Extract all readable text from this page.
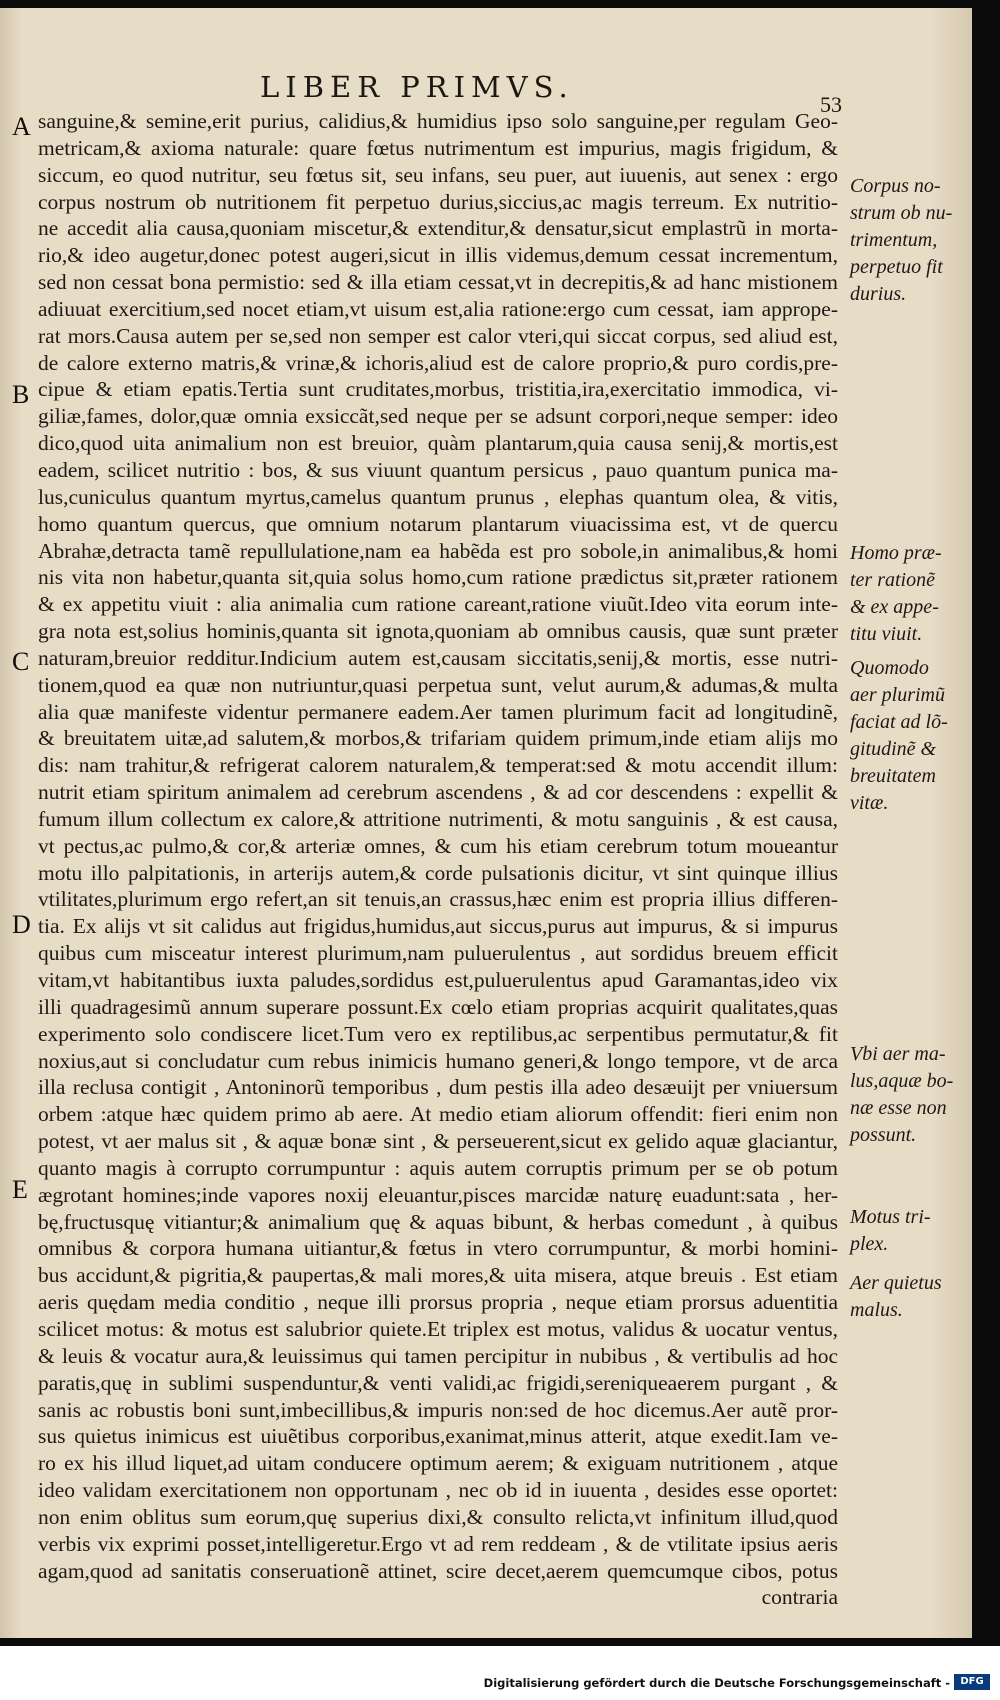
LIBER PRIMVS.
53
A
B
C
D
E
sanguine,& semine,erit purius, calidius,& humidius ipso solo sanguine,per regulam Geo-
metricam,& axioma naturale: quare fœtus nutrimentum est impurius, magis frigidum, &
siccum, eo quod nutritur, seu fœtus sit, seu infans, seu puer, aut iuuenis, aut senex : ergo
corpus nostrum ob nutritionem fit perpetuo durius,siccius,ac magis terreum. Ex nutritio-
ne accedit alia causa,quoniam miscetur,& extenditur,& densatur,sicut emplastrũ in morta-
rio,& ideo augetur,donec potest augeri,sicut in illis videmus,demum cessat incrementum,
sed non cessat bona permistio: sed & illa etiam cessat,vt in decrepitis,& ad hanc mistionem
adiuuat exercitium,sed nocet etiam,vt uisum est,alia ratione:ergo cum cessat, iam apprope-
rat mors.Causa autem per se,sed non semper est calor vteri,qui siccat corpus, sed aliud est,
de calore externo matris,& vrinæ,& ichoris,aliud est de calore proprio,& puro cordis,pre-
cipue & etiam epatis.Tertia sunt cruditates,morbus, tristitia,ira,exercitatio immodica, vi-
giliæ,fames, dolor,quæ omnia exsiccãt,sed neque per se adsunt corpori,neque semper: ideo
dico,quod uita animalium non est breuior, quàm plantarum,quia causa senij,& mortis,est
eadem, scilicet nutritio : bos, & sus viuunt quantum persicus , pauo quantum punica ma-
lus,cuniculus quantum myrtus,camelus quantum prunus , elephas quantum olea, & vitis,
homo quantum quercus, que omnium notarum plantarum viuacissima est, vt de quercu
Abrahæ,detracta tamẽ repullulatione,nam ea habẽda est pro sobole,in animalibus,& homi
nis vita non habetur,quanta sit,quia solus homo,cum ratione prædictus sit,præter rationem
& ex appetitu viuit : alia animalia cum ratione careant,ratione viuũt.Ideo vita eorum inte-
gra nota est,solius hominis,quanta sit ignota,quoniam ab omnibus causis, quæ sunt præter
naturam,breuior redditur.Indicium autem est,causam siccitatis,senij,& mortis, esse nutri-
tionem,quod ea quæ non nutriuntur,quasi perpetua sunt, velut aurum,& adumas,& multa
alia quæ manifeste videntur permanere eadem.Aer tamen plurimum facit ad longitudinẽ,
& breuitatem uitæ,ad salutem,& morbos,& trifariam quidem primum,inde etiam alijs mo
dis: nam trahitur,& refrigerat calorem naturalem,& temperat:sed & motu accendit illum:
nutrit etiam spiritum animalem ad cerebrum ascendens , & ad cor descendens : expellit &
fumum illum collectum ex calore,& attritione nutrimenti, & motu sanguinis , & est causa,
vt pectus,ac pulmo,& cor,& arteriæ omnes, & cum his etiam cerebrum totum moueantur
motu illo palpitationis, in arterijs autem,& corde pulsationis dicitur, vt sint quinque illius
vtilitates,plurimum ergo refert,an sit tenuis,an crassus,hæc enim est propria illius differen-
tia. Ex alijs vt sit calidus aut frigidus,humidus,aut siccus,purus aut impurus, & si impurus
quibus cum misceatur interest plurimum,nam puluerulentus , aut sordidus breuem efficit
vitam,vt habitantibus iuxta paludes,sordidus est,puluerulentus apud Garamantas,ideo vix
illi quadragesimũ annum superare possunt.Ex cœlo etiam proprias acquirit qualitates,quas
experimento solo condiscere licet.Tum vero ex reptilibus,ac serpentibus permutatur,& fit
noxius,aut si concludatur cum rebus inimicis humano generi,& longo tempore, vt de arca
illa reclusa contigit , Antoninorũ temporibus , dum pestis illa adeo desæuijt per vniuersum
orbem :atque hæc quidem primo ab aere. At medio etiam aliorum offendit: fieri enim non
potest, vt aer malus sit , & aquæ bonæ sint , & perseuerent,sicut ex gelido aquæ glaciantur,
quanto magis à corrupto corrumpuntur : aquis autem corruptis primum per se ob potum
ægrotant homines;inde vapores noxij eleuantur,pisces marcidæ naturę euadunt:sata , her-
bę,fructusquę vitiantur;& animalium quę & aquas bibunt, & herbas comedunt , à quibus
omnibus & corpora humana uitiantur,& fœtus in vtero corrumpuntur, & morbi homini-
bus accidunt,& pigritia,& paupertas,& mali mores,& uita misera, atque breuis . Est etiam
aeris quędam media conditio , neque illi prorsus propria , neque etiam prorsus aduentitia
scilicet motus: & motus est salubrior quiete.Et triplex est motus, validus & uocatur ventus,
& leuis & vocatur aura,& leuissimus qui tamen percipitur in nubibus , & vertibulis ad hoc
paratis,quę in sublimi suspenduntur,& venti validi,ac frigidi,sereniqueaerem purgant , &
sanis ac robustis boni sunt,imbecillibus,& impuris non:sed de hoc dicemus.Aer autẽ pror-
sus quietus inimicus est uiuẽtibus corporibus,exanimat,minus atterit, atque exedit.Iam ve-
ro ex his illud liquet,ad uitam conducere optimum aerem; & exiguam nutritionem , atque
ideo validam exercitationem non opportunam , nec ob id in iuuenta , desides esse oportet:
non enim oblitus sum eorum,quę superius dixi,& consulto relicta,vt infinitum illud,quod
verbis vix exprimi posset,intelligeretur.Ergo vt ad rem reddeam , & de vtilitate ipsius aeris
agam,quod ad sanitatis conseruationẽ attinet, scire decet,aerem quemcumque cibos, potus
contraria
Corpus no-
strum ob nu-
trimentum,
perpetuo fit
durius.
Homo præ-
ter rationẽ
& ex appe-
titu viuit.
Quomodo
aer plurimũ
faciat ad lõ-
gitudinẽ &
breuitatem
vitæ.
Vbi aer ma-
lus,aquæ bo-
næ esse non
possunt.
Motus tri-
plex.
Aer quietus
malus.
Digitalisierung gefördert durch die Deutsche Forschungsgemeinschaft -	DFG
